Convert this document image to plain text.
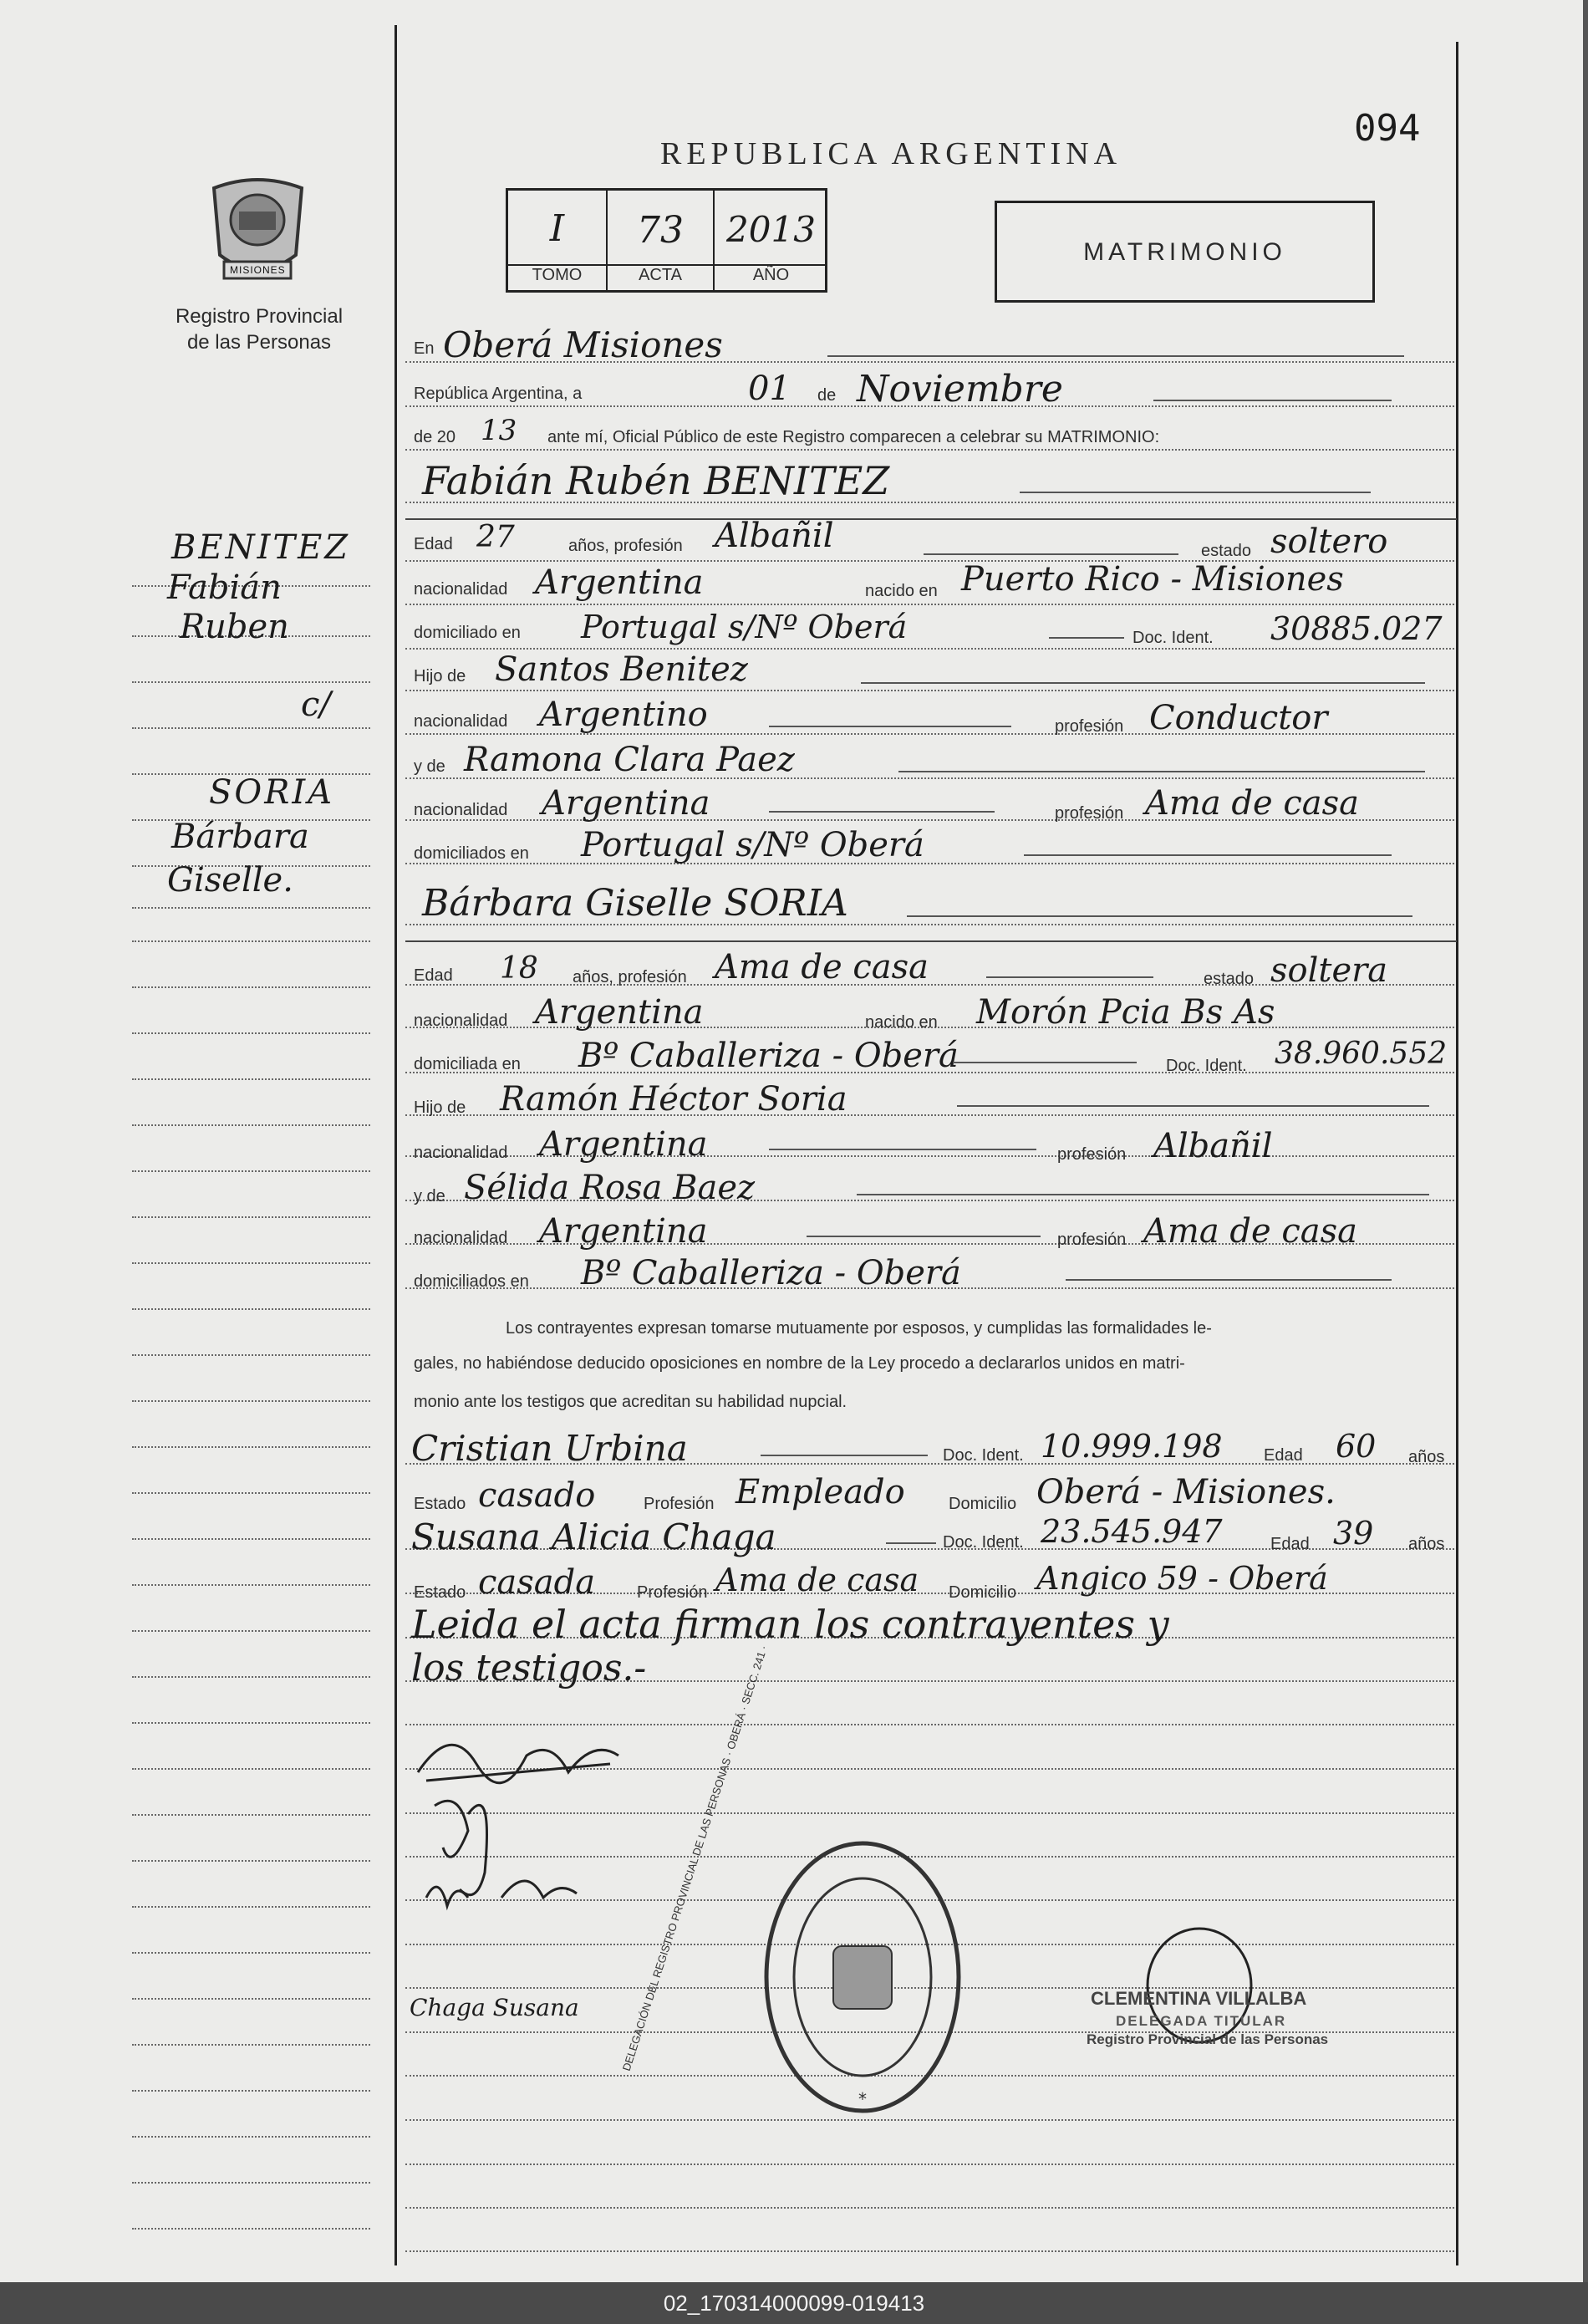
094
REPUBLICA ARGENTINA
I	73	2013
TOMO	ACTA	AÑO
MATRIMONIO
MISIONES
Registro Provincial
de las Personas
BENITEZ
Fabián
Ruben
c/
SORIA
Bárbara
Giselle.
En Oberá Misiones
República Argentina, a	01 de Noviembre
de 20 13 ante mí, Oficial Público de este Registro comparecen a celebrar su MATRIMONIO:
Fabián Rubén BENITEZ
Edad 27	años, profesión Albañil	estado soltero
nacionalidad Argentina	nacido en Puerto Rico - Misiones
domiciliado en Portugal s/Nº Oberá	Doc. Ident. 30885.027
Hijo de Santos Benitez
nacionalidad Argentino	profesión Conductor
y de Ramona Clara Paez
nacionalidad Argentina	profesión Ama de casa
domiciliados en Portugal s/Nº Oberá
Bárbara Giselle SORIA
Edad 18 años, profesión Ama de casa	estado soltera
nacionalidad Argentina	nacido en Morón Pcia Bs As
domiciliada en Bº Caballeriza - Oberá	Doc. Ident. 38.960.552
Hijo de Ramón Héctor Soria
nacionalidad Argentina	profesión Albañil
y de Sélida Rosa Baez
nacionalidad Argentina	profesión Ama de casa
domiciliados en Bº Caballeriza - Oberá
Los contrayentes expresan tomarse mutuamente por esposos, y cumplidas las formalidades le-
gales, no habiéndose deducido oposiciones en nombre de la Ley procedo a declararlos unidos en matri-
monio ante los testigos que acreditan su habilidad nupcial.
Cristian Urbina	Doc. Ident. 10.999.198 Edad 60 años
Estado casado	Profesión Empleado	Domicilio Oberá - Misiones.
Susana Alicia Chaga	Doc. Ident. 23.545.947	Edad 39 años
Estado casada Profesión Ama de casa Domicilio Angico 59 - Oberá
Leida el acta firman los contrayentes y
los testigos.-
Chaga Susana
*
DELEGACIÓN DEL REGISTRO PROVINCIAL DE LAS PERSONAS · OBERÁ · SECC. 241 ·	CLEMENTINA VILLALBA
DELEGADA TITULAR
Registro Provincial de las Personas
02_170314000099-019413
